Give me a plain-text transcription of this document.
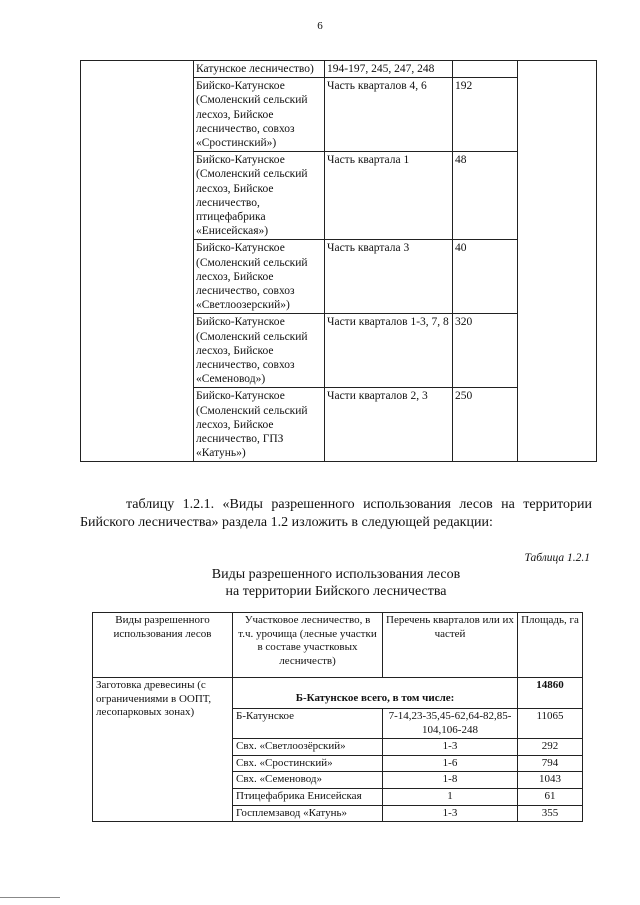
6
	Катунское лесничество)	194-197, 245, 247, 248		
	Бийско-Катунское (Смоленский сельский лесхоз, Бийское лесничество, совхоз «Сростинский»)	Часть кварталов 4, 6	192	
	Бийско-Катунское (Смоленский сельский лесхоз, Бийское лесничество, птицефабрика «Енисейская»)	Часть квартала 1	48	
	Бийско-Катунское (Смоленский сельский лесхоз, Бийское лесничество, совхоз «Светлоозерский»)	Часть квартала 3	40	
	Бийско-Катунское (Смоленский сельский лесхоз, Бийское лесничество, совхоз «Семеновод»)	Части кварталов 1-3, 7, 8	320	
	Бийско-Катунское (Смоленский сельский лесхоз, Бийское лесничество, ГПЗ «Катунь»)	Части кварталов 2, 3	250	
таблицу 1.2.1. «Виды разрешенного использования лесов на территории Бийского лесничества» раздела 1.2 изложить в следующей редакции:
Таблица 1.2.1
Виды разрешенного использования лесов
на территории Бийского лесничества
Виды разрешенного использования лесов	Участковое лесничество, в т.ч. урочища (лесные участки в составе участковых лесничеств)	Перечень кварталов или их частей	Площадь, га
Заготовка древесины (с ограничениями в ООПТ, лесопарковых зонах)	Б-Катунское всего, в том числе:		14860
	Б-Катунское	7-14,23-35,45-62,64-82,85-104,106-248	11065
	Свх. «Светлоозёрский»	1-3	292
	Свх. «Сростинский»	1-6	794
	Свх. «Семеновод»	1-8	1043
	Птицефабрика Енисейская	1	61
	Госплемзавод «Катунь»	1-3	355
